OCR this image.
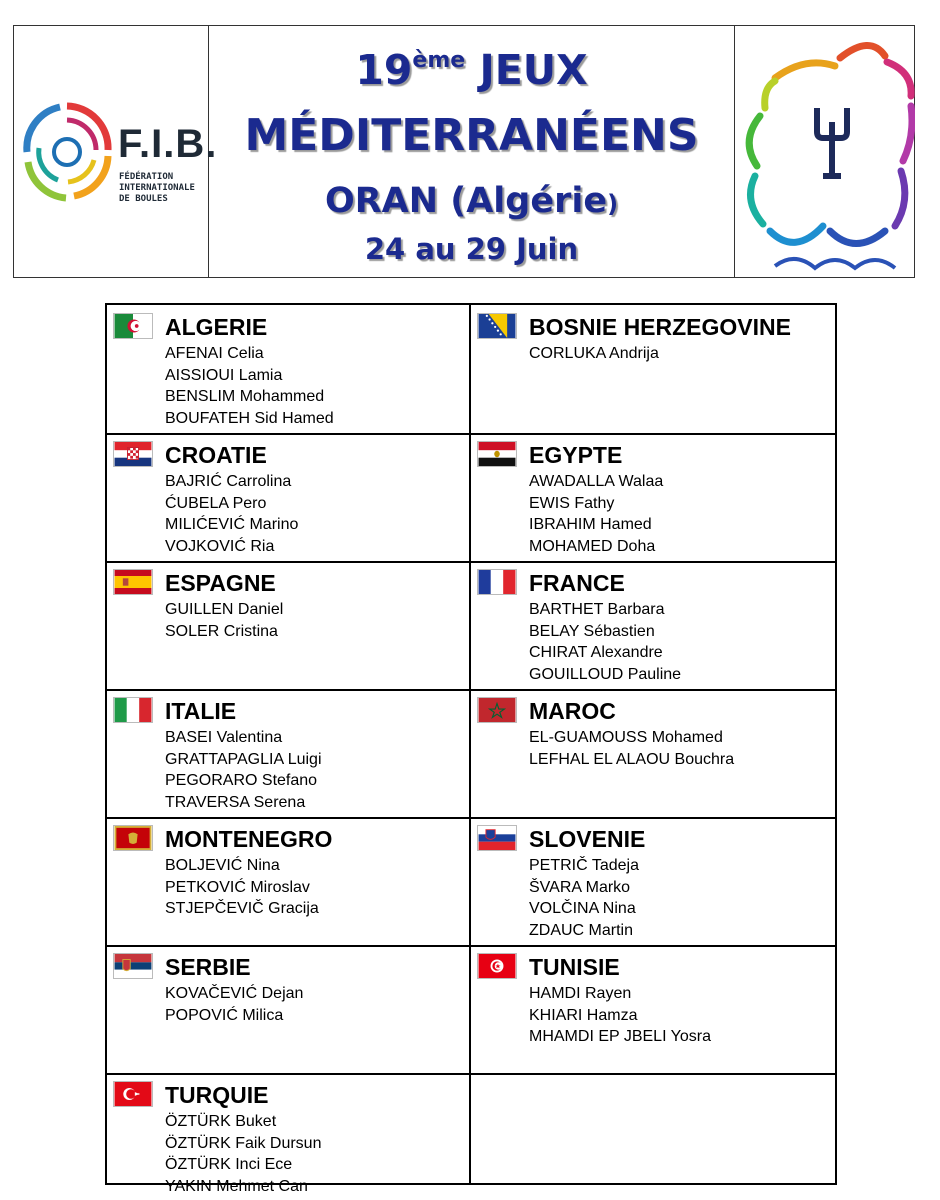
F.I.B.
FÉDÉRATION
INTERNATIONALE
DE BOULES
19ème JEUX
MÉDITERRANÉENS
ORAN (Algérie)
24 au 29 Juin
ALGERIE
AFENAI Celia
AISSIOUI Lamia
BENSLIM Mohammed
BOUFATEH Sid Hamed
BOSNIE HERZEGOVINE
CORLUKA Andrija
CROATIE
BAJRIĆ Carrolina
ĆUBELA Pero
MILIĆEVIĆ Marino
VOJKOVIĆ Ria
EGYPTE
AWADALLA Walaa
EWIS Fathy
IBRAHIM Hamed
MOHAMED Doha
ESPAGNE
GUILLEN Daniel
SOLER Cristina
FRANCE
BARTHET Barbara
BELAY Sébastien
CHIRAT Alexandre
GOUILLOUD Pauline
ITALIE
BASEI Valentina
GRATTAPAGLIA Luigi
PEGORARO Stefano
TRAVERSA Serena
MAROC
EL-GUAMOUSS Mohamed
LEFHAL EL ALAOU Bouchra
MONTENEGRO
BOLJEVIĆ Nina
PETKOVIĆ Miroslav
STJEPČEVIČ Gracija
SLOVENIE
PETRIČ Tadeja
ŠVARA Marko
VOLČINA Nina
ZDAUC Martin
SERBIE
KOVAČEVIĆ Dejan
POPOVIĆ Milica
TUNISIE
HAMDI Rayen
KHIARI Hamza
MHAMDI EP JBELI Yosra
TURQUIE
ÖZTÜRK Buket
ÖZTÜRK Faik Dursun
ÖZTÜRK Inci Ece
YAKIN Mehmet Can
